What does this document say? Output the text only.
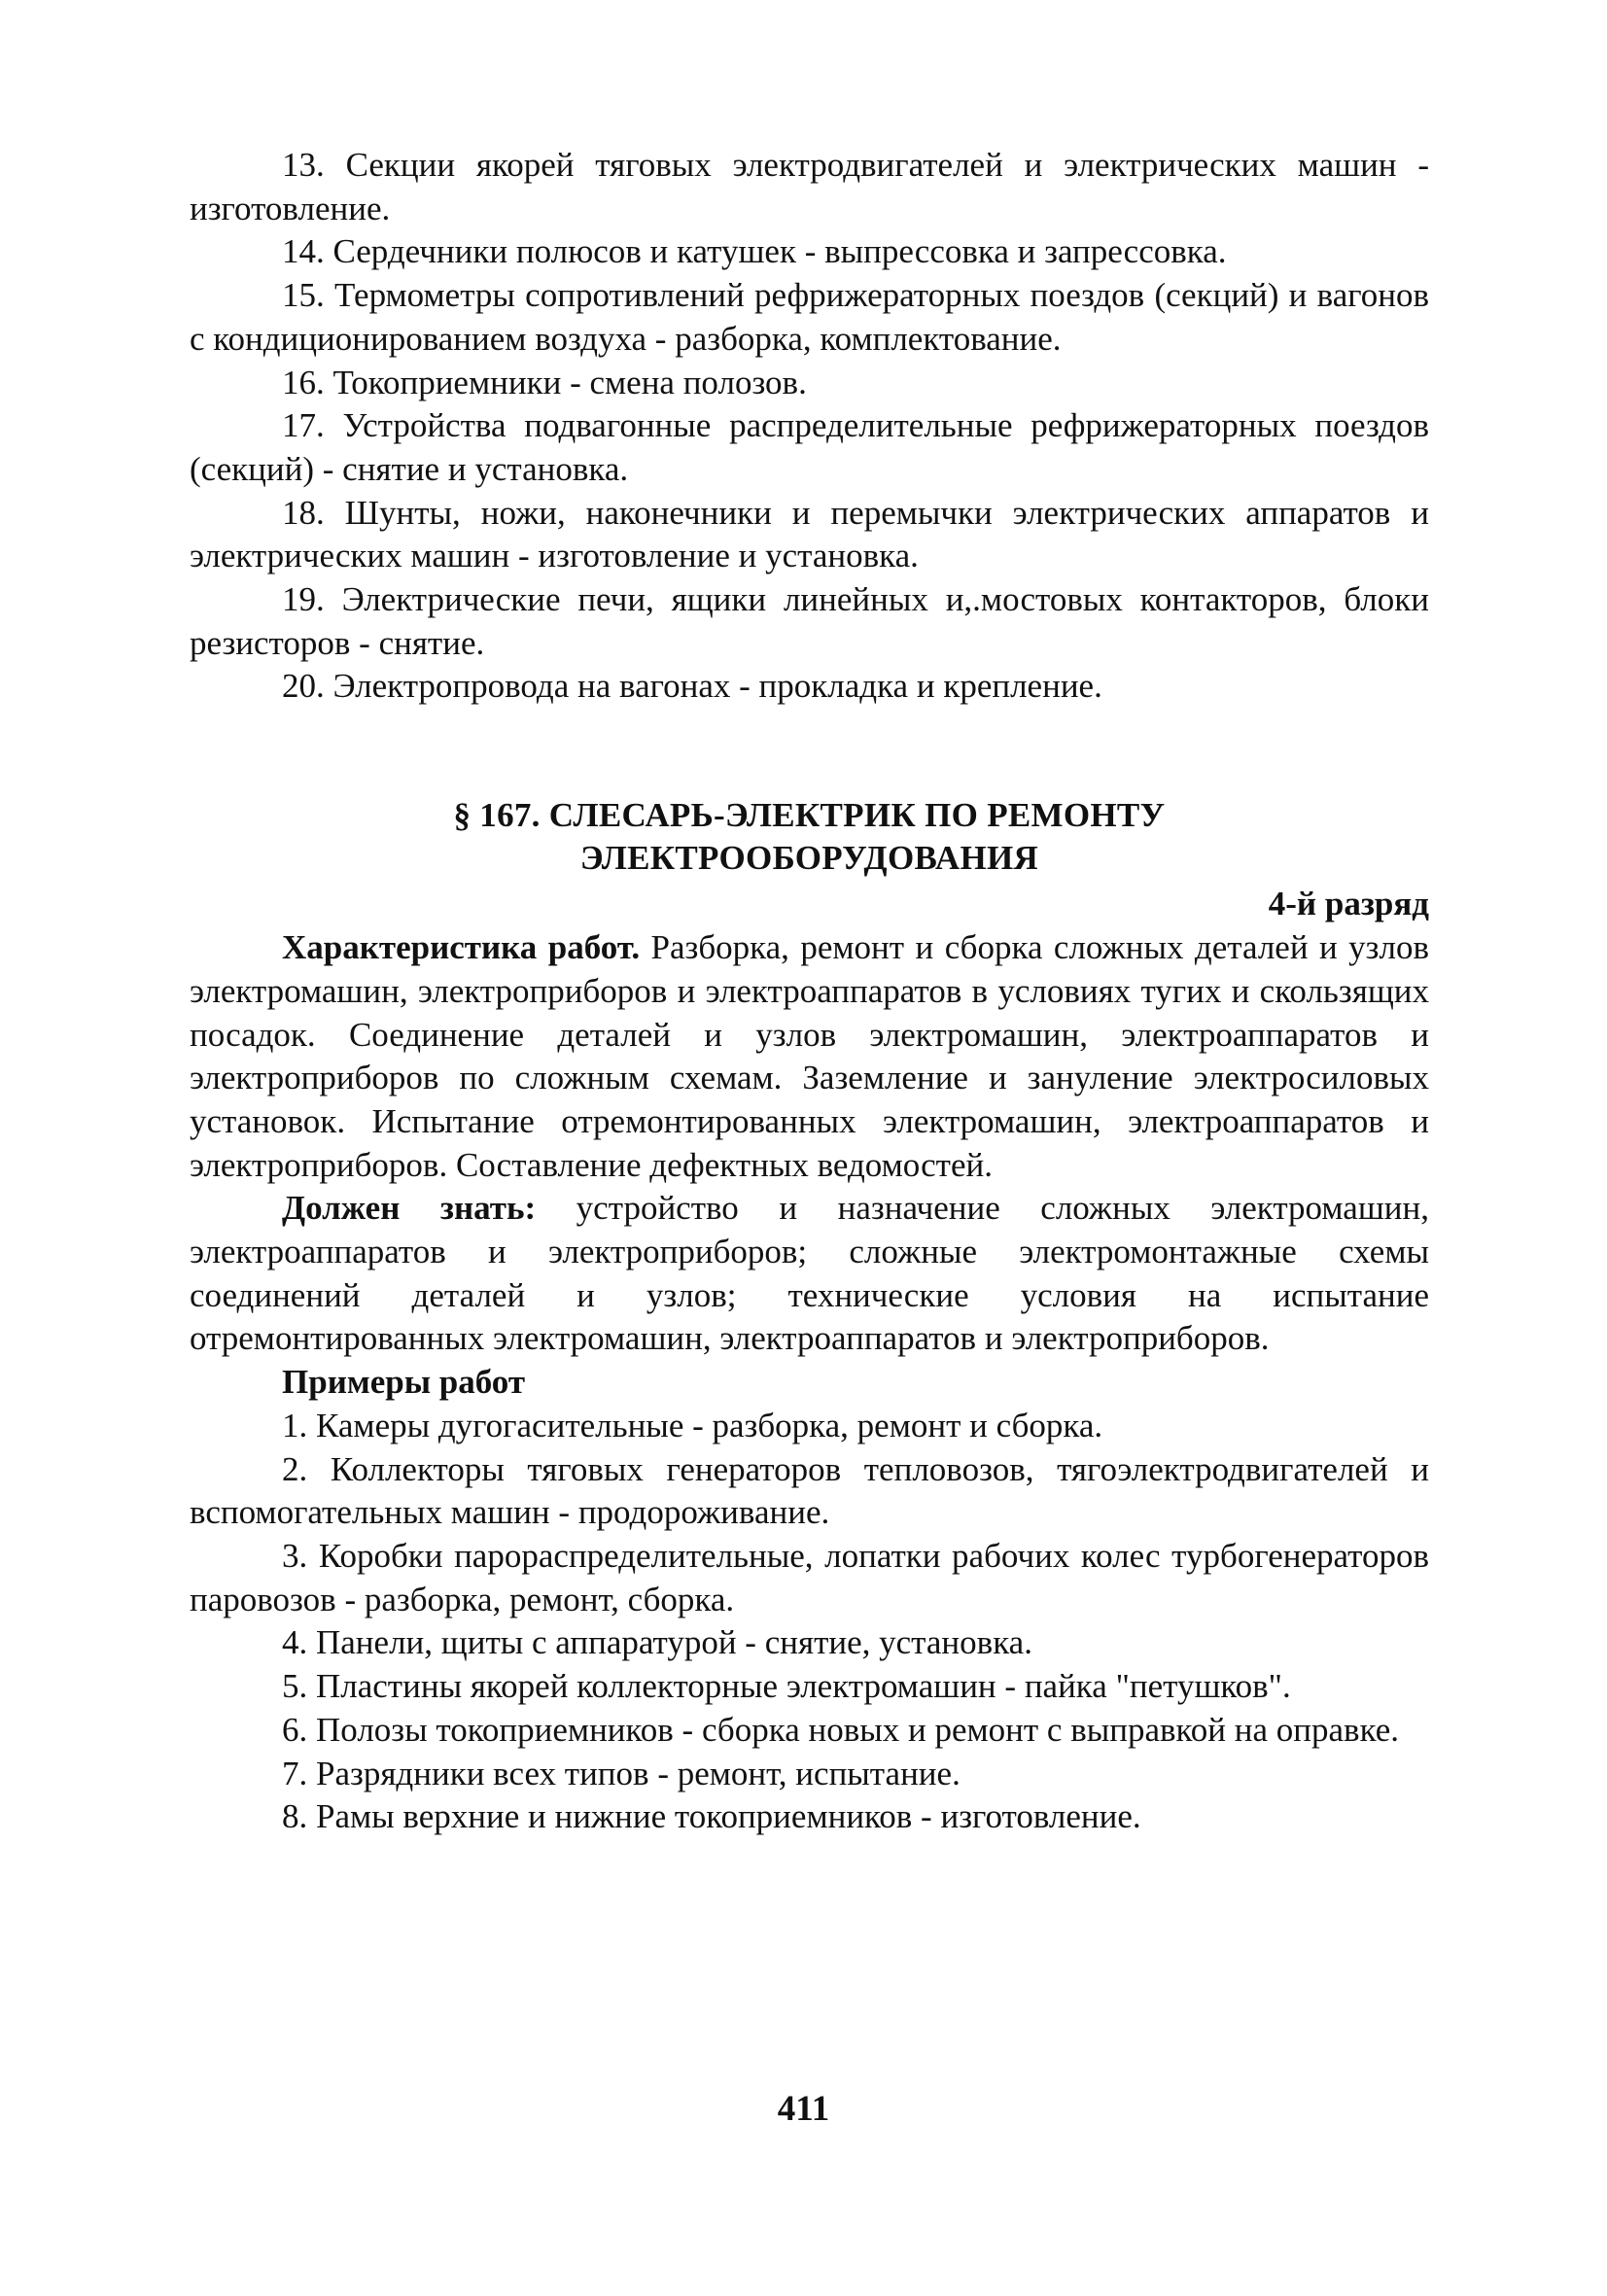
13. Секции якорей тяговых электродвигателей и электрических машин - изготовление.

14. Сердечники полюсов и катушек - выпрессовка и запрессовка.

15. Термометры сопротивлений рефрижераторных поездов (секций) и вагонов с кондиционированием воздуха - разборка, комплектование.

16. Токоприемники - смена полозов.

17. Устройства подвагонные распределительные рефрижераторных поездов (секций) - снятие и установка.

18. Шунты, ножи, наконечники и перемычки электрических аппаратов и электрических машин - изготовление и установка.

19. Электрические печи, ящики линейных и,.мостовых контакторов, блоки резисторов - снятие.

20. Электропровода на вагонах - прокладка и крепление.

§ 167. СЛЕСАРЬ-ЭЛЕКТРИК ПО РЕМОНТУ
ЭЛЕКТРООБОРУДОВАНИЯ
4-й разряд

Характеристика работ. Разборка, ремонт и сборка сложных деталей и узлов электромашин, электроприборов и электроаппаратов в условиях тугих и скользящих посадок. Соединение деталей и узлов электромашин, электроаппаратов и электроприборов по сложным схемам. Заземление и зануление электросиловых установок. Испытание отремонтированных электромашин, электроаппаратов и электроприборов. Составление дефектных ведомостей.

Должен знать: устройство и назначение сложных электромашин, электроаппаратов и электроприборов; сложные электромонтажные схемы соединений деталей и узлов; технические условия на испытание отремонтированных электромашин, электроаппаратов и электроприборов.

Примеры работ

1. Камеры дугогасительные - разборка, ремонт и сборка.

2. Коллекторы тяговых генераторов тепловозов, тягоэлектродвигателей и вспомогательных машин - продороживание.

3. Коробки парораспределительные, лопатки рабочих колес турбогенераторов паровозов - разборка, ремонт, сборка.

4. Панели, щиты с аппаратурой - снятие, установка.

5. Пластины якорей коллекторные электромашин - пайка "петушков".

6. Полозы токоприемников - сборка новых и ремонт с выправкой на оправке.

7. Разрядники всех типов - ремонт, испытание.

8. Рамы верхние и нижние токоприемников - изготовление.

411
